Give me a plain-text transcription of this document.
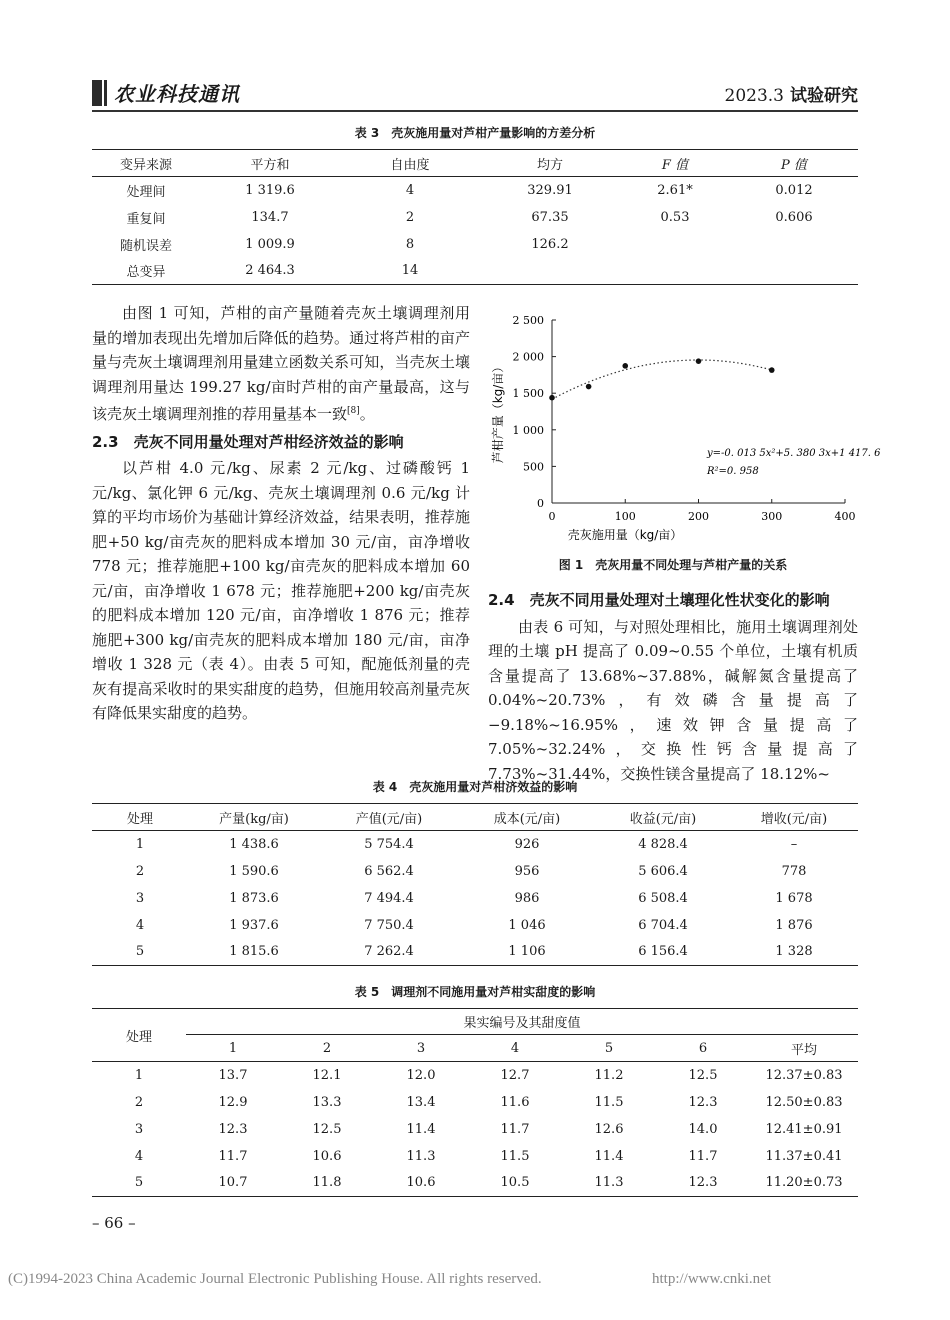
农业科技通讯	2023.3 试验研究
表 3　壳灰施用量对芦柑产量影响的方差分析
变异来源	平方和	自由度	均方	F 值	P 值
处理间	1 319.6	4	329.91	2.61*	0.012
重复间	134.7	2	67.35	0.53	0.606
随机误差	1 009.9	8	126.2		
总变异	2 464.3	14			

由图 1 可知，芦柑的亩产量随着壳灰土壤调理剂用量的增加表现出先增加后降低的趋势。通过将芦柑的亩产量与壳灰土壤调理剂用量建立函数关系可知，当壳灰土壤调理剂用量达 199.27 kg/亩时芦柑的亩产量最高，这与该壳灰土壤调理剂推的荐用量基本一致[8]。

2.3　 壳灰不同用量处理对芦柑经济效益的影响

以芦柑 4.0 元/kg、尿素 2 元/kg、过磷酸钙 1 元/kg、氯化钾 6 元/kg、壳灰土壤调理剂 0.6 元/kg 计算的平均市场价为基础计算经济效益，结果表明，推荐施肥+50 kg/亩壳灰的肥料成本增加 30 元/亩，亩净增收 778 元；推荐施肥+100 kg/亩壳灰的肥料成本增加 60 元/亩，亩净增收 1 678 元；推荐施肥+200 kg/亩壳灰的肥料成本增加 120 元/亩，亩净增收 1 876 元；推荐施肥+300 kg/亩壳灰的肥料成本增加 180 元/亩，亩净增收 1 328 元（表 4）。由表 5 可知，配施低剂量的壳灰有提高采收时的果实甜度的趋势，但施用较高剂量壳灰有降低果实甜度的趋势。

0	100	200	300	400
0
500
1 000
1 500
2 000
2 500
y=-0. 013 5x²+5. 380 3x+1 417. 6
R²=0. 958
壳灰施用量（kg/亩）
芦柑产量（kg/亩）
图 1　壳灰用量不同处理与芦柑产量的关系
2.4　 壳灰不同用量处理对土壤理化性状变化的影响

由表 6 可知，与对照处理相比，施用土壤调理剂处理的土壤 pH 提高了 0.09~0.55 个单位，土壤有机质含量提高了 13.68%~37.88%，碱解氮含量提高了 0.04%~20.73%，有效磷含量提高了 −9.18%~16.95%，速效钾含量提高了 7.05%~32.24%，交换性钙含量提高了 7.73%~31.44%，交换性镁含量提高了 18.12%~

表 4　壳灰施用量对芦柑济效益的影响
处理	产量(kg/亩)	产值(元/亩)	成本(元/亩)	收益(元/亩)	增收(元/亩)
1	1 438.6	5 754.4	926	4 828.4	–
2	1 590.6	6 562.4	956	5 606.4	778
3	1 873.6	7 494.4	986	6 508.4	1 678
4	1 937.6	7 750.4	1 046	6 704.4	1 876
5	1 815.6	7 262.4	1 106	6 156.4	1 328
表 5　调理剂不同施用量对芦柑实甜度的影响
处理	果实编号及其甜度值						
	1	2	3	4	5	6	平均
1	13.7	12.1	12.0	12.7	11.2	12.5	12.37±0.83
2	12.9	13.3	13.4	11.6	11.5	12.3	12.50±0.83
3	12.3	12.5	11.4	11.7	12.6	14.0	12.41±0.91
4	11.7	10.6	11.3	11.5	11.4	11.7	11.37±0.41
5	10.7	11.8	10.6	10.5	11.3	12.3	11.20±0.73
– 66 –
(C)1994-2023 China Academic Journal Electronic Publishing House. All rights reserved.	http://www.cnki.net
